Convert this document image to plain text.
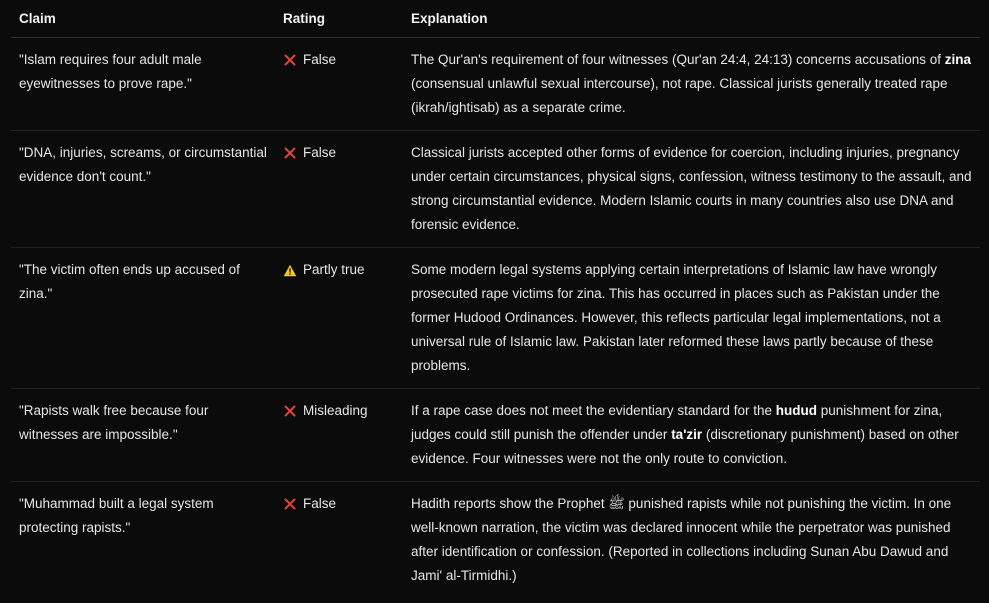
Claim	Rating	Explanation
"Islam requires four adult male eyewitnesses to prove rape."	False	The Qur'an's requirement of four witnesses (Qur'an 24:4, 24:13) concerns accusations of zina (consensual unlawful sexual intercourse), not rape. Classical jurists generally treated rape (ikrah/ightisab) as a separate crime.
"DNA, injuries, screams, or circumstantial evidence don't count."	False	Classical jurists accepted other forms of evidence for coercion, including injuries, pregnancy under certain circumstances, physical signs, confession, witness testimony to the assault, and strong circumstantial evidence. Modern Islamic courts in many countries also use DNA and forensic evidence.
"The victim often ends up accused of zina."	Partly true	Some modern legal systems applying certain interpretations of Islamic law have wrongly prosecuted rape victims for zina. This has occurred in places such as Pakistan under the former Hudood Ordinances. However, this reflects particular legal implementations, not a universal rule of Islamic law. Pakistan later reformed these laws partly because of these problems.
"Rapists walk free because four witnesses are impossible."	Misleading	If a rape case does not meet the evidentiary standard for the hudud punishment for zina, judges could still punish the offender under ta'zir (discretionary punishment) based on other evidence. Four witnesses were not the only route to conviction.
"Muhammad built a legal system protecting rapists."	False	Hadith reports show the Prophet ﷺ punished rapists while not punishing the victim. In one well-known narration, the victim was declared innocent while the perpetrator was punished after identification or confession. (Reported in collections including Sunan Abu Dawud and Jami' al-Tirmidhi.)
